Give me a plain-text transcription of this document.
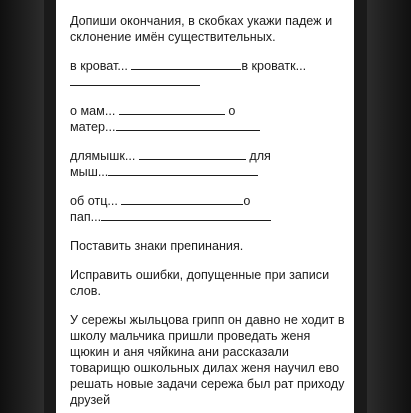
Допиши окончания, в скобках укажи падеж и склонение имён существительных.

в кроват...	в кроватк...
о мам...	о
матер...
длямышк...	для
мыш...
об отц...	о
пап...

Поставить знаки препинания.

Исправить ошибки, допущенные при записи слов.

У сережы жыльцова грипп он давно не ходит в школу мальчика пришли проведать женя щюкин и аня чяйкина ани рассказали товарищю ошкольных дилах женя научил ево решать новые задачи сережа был рат приходу друзей
